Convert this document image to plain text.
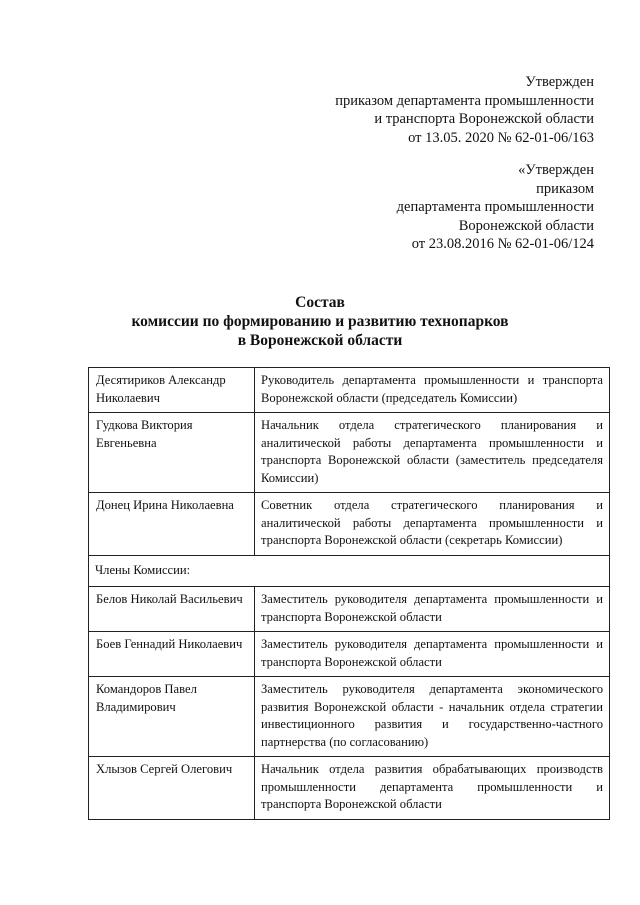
Утвержден
приказом департамента промышленности
и транспорта Воронежской области
от 13.05. 2020 № 62-01-06/163
«Утвержден
приказом
департамента промышленности
Воронежской области
от 23.08.2016 № 62-01-06/124
Состав
комиссии по формированию и развитию технопарков
в Воронежской области
Десятириков Александр Николаевич	Руководитель департамента промышленности и транспорта Воронежской области (председатель Комиссии)
Гудкова Виктория Евгеньевна	Начальник отдела стратегического планирования и аналитической работы департамента промышленности и транспорта Воронежской области (заместитель председателя Комиссии)
Донец Ирина Николаевна	Советник отдела стратегического планирования и аналитической работы департамента промышленности и транспорта Воронежской области (секретарь Комиссии)
Члены Комиссии:	
Белов Николай Васильевич	Заместитель руководителя департамента промышленности и транспорта Воронежской области
Боев Геннадий Николаевич	Заместитель руководителя департамента промышленности и транспорта Воронежской области
Командоров Павел Владимирович	Заместитель руководителя департамента экономического развития Воронежской области - начальник отдела стратегии инвестиционного развития и государственно-частного партнерства (по согласованию)
Хлызов Сергей Олегович	Начальник отдела развития обрабатывающих производств промышленности департамента промышленности и транспорта Воронежской области
